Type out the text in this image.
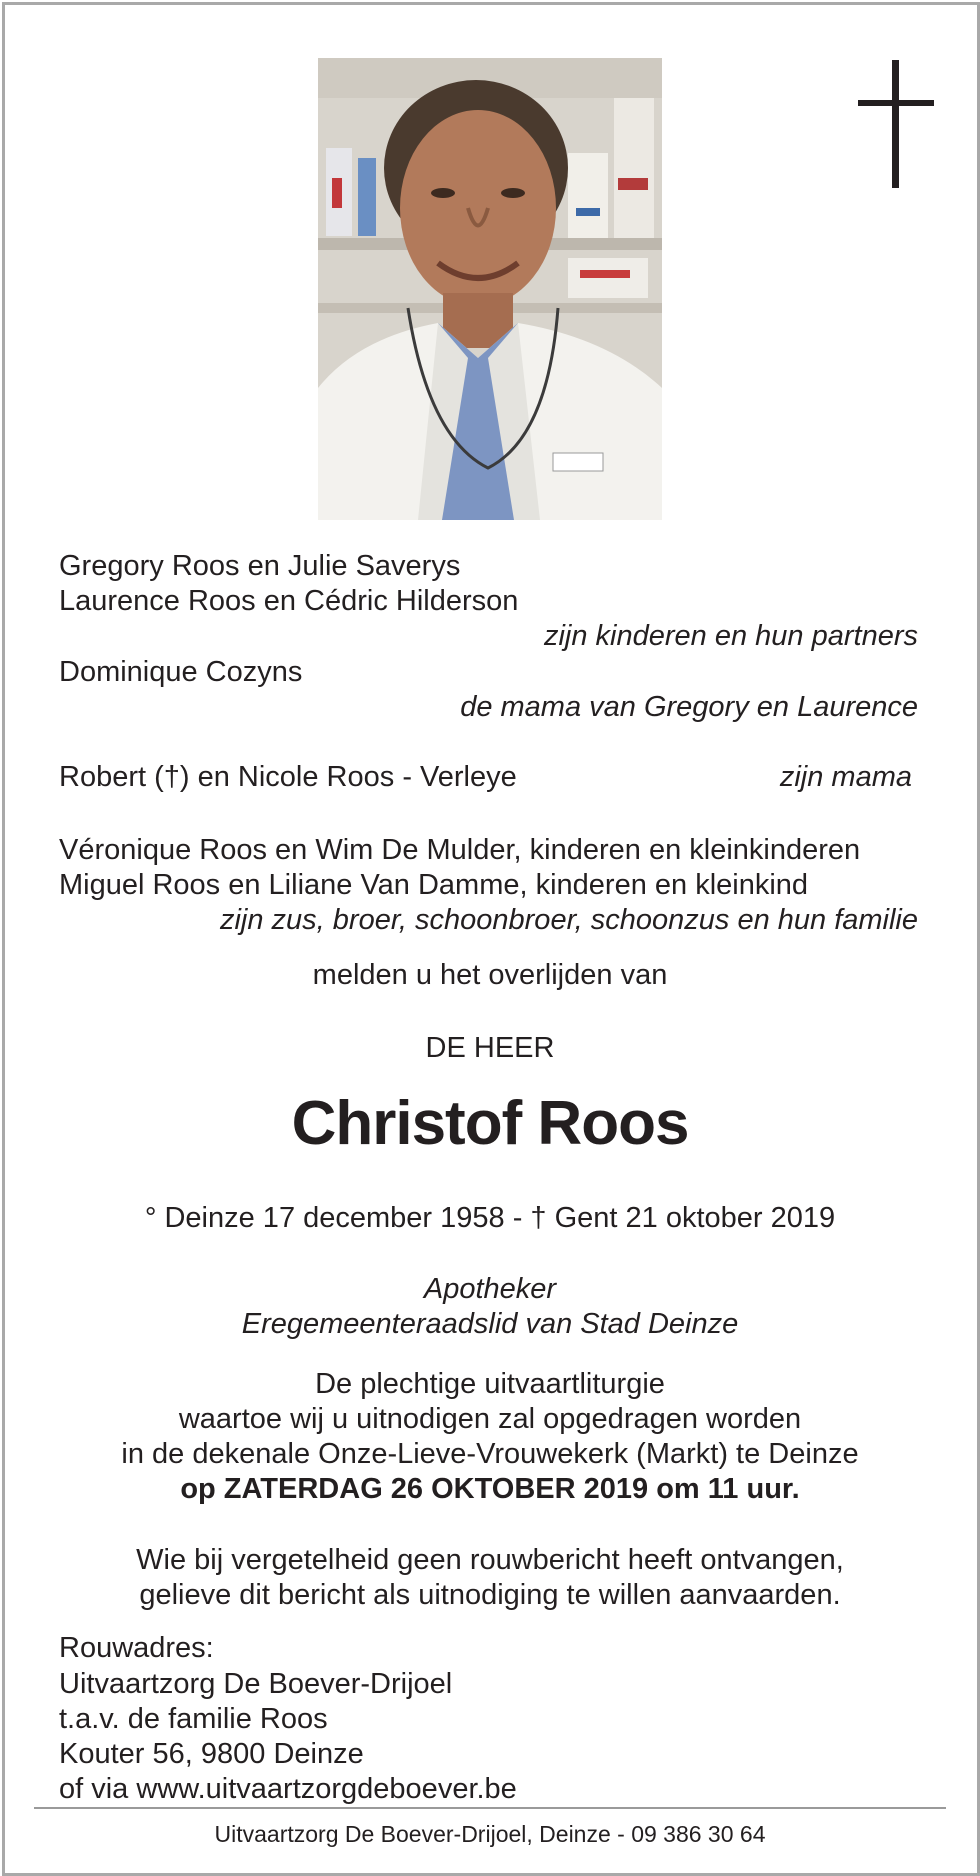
Gregory Roos en Julie Saverys
Laurence Roos en Cédric Hilderson
zijn kinderen en hun partners
Dominique Cozyns
de mama van Gregory en Laurence
Robert (†) en Nicole Roos - Verleye	zijn mama
Véronique Roos en Wim De Mulder, kinderen en kleinkinderen
Miguel Roos en Liliane Van Damme, kinderen en kleinkind
zijn zus, broer, schoonbroer, schoonzus en hun familie
melden u het overlijden van
DE HEER
Christof Roos
° Deinze 17 december 1958 - † Gent 21 oktober 2019
Apotheker
Eregemeenteraadslid van Stad Deinze
De plechtige uitvaartliturgie
waartoe wij u uitnodigen zal opgedragen worden
in de dekenale Onze-Lieve-Vrouwekerk (Markt) te Deinze
op ZATERDAG 26 OKTOBER 2019 om 11 uur.
Wie bij vergetelheid geen rouwbericht heeft ontvangen,
gelieve dit bericht als uitnodiging te willen aanvaarden.
Rouwadres:
Uitvaartzorg De Boever-Drijoel
t.a.v. de familie Roos
Kouter 56, 9800 Deinze
of via www.uitvaartzorgdeboever.be
Uitvaartzorg De Boever-Drijoel, Deinze - 09 386 30 64
